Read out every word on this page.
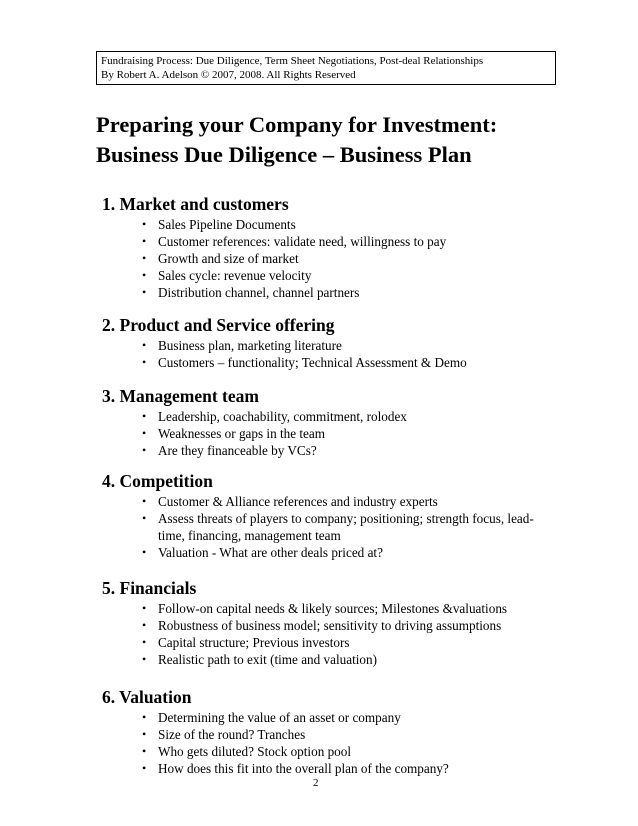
Fundraising Process: Due Diligence, Term Sheet Negotiations, Post-deal Relationships
By Robert A. Adelson © 2007, 2008. All Rights Reserved
Preparing your Company for Investment:
Business Due Diligence – Business Plan
1. Market and customers
• Sales Pipeline Documents
• Customer references: validate need, willingness to pay
• Growth and size of market
• Sales cycle: revenue velocity
• Distribution channel, channel partners
2. Product and Service offering
• Business plan, marketing literature
• Customers – functionality; Technical Assessment & Demo
3. Management team
• Leadership, coachability, commitment, rolodex
• Weaknesses or gaps in the team
• Are they financeable by VCs?
4. Competition
• Customer & Alliance references and industry experts
• Assess threats of players to company; positioning; strength focus, lead-time, financing, management team
• Valuation - What are other deals priced at?
5. Financials
• Follow-on capital needs & likely sources; Milestones &valuations
• Robustness of business model; sensitivity to driving assumptions
• Capital structure; Previous investors
• Realistic path to exit (time and valuation)
6. Valuation
• Determining the value of an asset or company
• Size of the round? Tranches
• Who gets diluted? Stock option pool
• How does this fit into the overall plan of the company?
2
